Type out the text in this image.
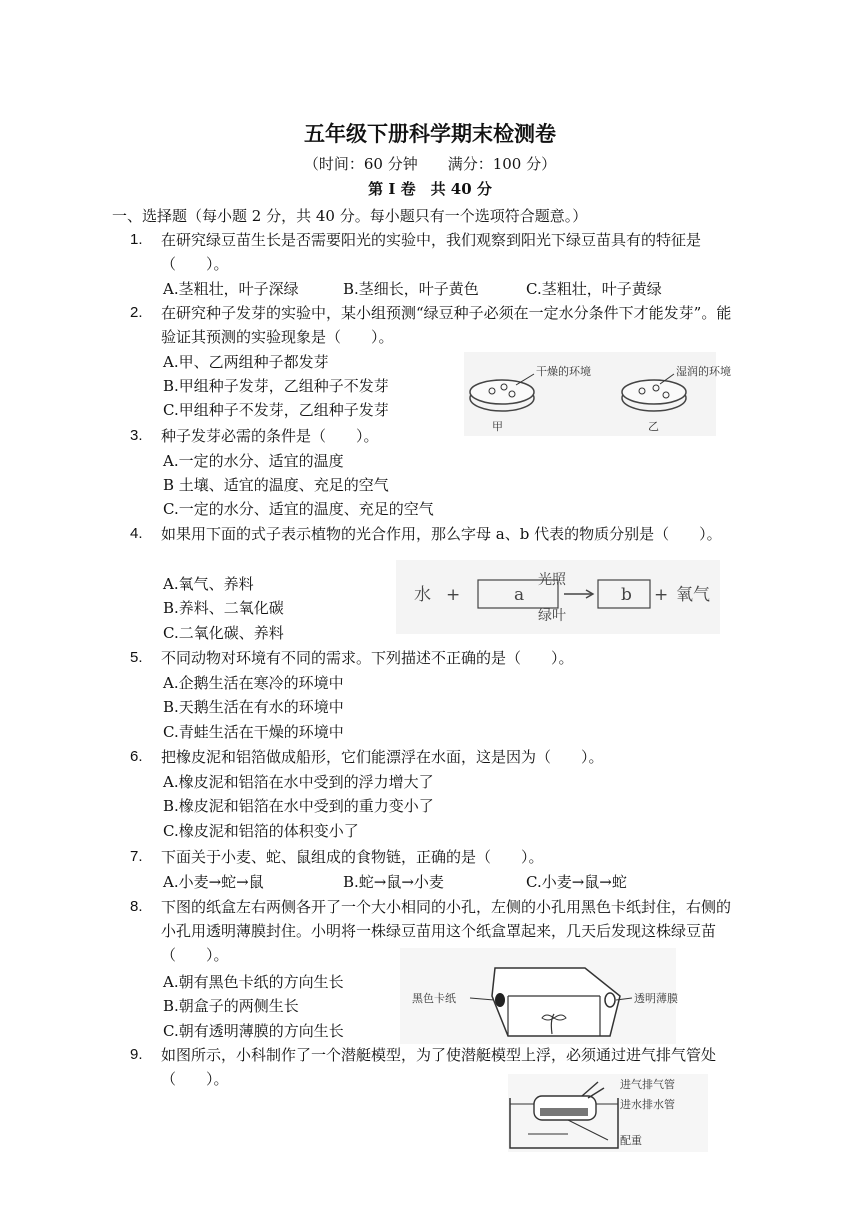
五年级下册科学期末检测卷
（时间：60 分钟　　满分：100 分）
第 I 卷　共 40 分
一、选择题（每小题 2 分，共 40 分。每小题只有一个选项符合题意。）
1.	在研究绿豆苗生长是否需要阳光的实验中，我们观察到阳光下绿豆苗具有的特征是（　　）。
A.茎粗壮，叶子深绿	B.茎细长，叶子黄色	C.茎粗壮，叶子黄绿
2.	在研究种子发芽的实验中，某小组预测“绿豆种子必须在一定水分条件下才能发芽”。能验证其预测的实验现象是（　　）。
A.甲、乙两组种子都发芽
B.甲组种子发芽，乙组种子不发芽
C.甲组种子不发芽，乙组种子发芽
干燥的环境	湿润的环境
甲	乙
3.	种子发芽必需的条件是（　　）。
A.一定的水分、适宜的温度
B 土壤、适宜的温度、充足的空气
C.一定的水分、适宜的温度、充足的空气
4.	如果用下面的式子表示植物的光合作用，那么字母 a、b 代表的物质分别是（　　）。
A.氧气、养料
B.养料、二氧化碳
C.二氧化碳、养料
水 +	a	b + 氧气
光照
绿叶
5.	不同动物对环境有不同的需求。下列描述不正确的是（　　）。
A.企鹅生活在寒冷的环境中
B.天鹅生活在有水的环境中
C.青蛙生活在干燥的环境中
6.	把橡皮泥和铝箔做成船形，它们能漂浮在水面，这是因为（　　）。
A.橡皮泥和铝箔在水中受到的浮力增大了
B.橡皮泥和铝箔在水中受到的重力变小了
C.橡皮泥和铝箔的体积变小了
7.	下面关于小麦、蛇、鼠组成的食物链，正确的是（　　）。
A.小麦→蛇→鼠	B.蛇→鼠→小麦	C.小麦→鼠→蛇
8.	下图的纸盒左右两侧各开了一个大小相同的小孔，左侧的小孔用黑色卡纸封住，右侧的小孔用透明薄膜封住。小明将一株绿豆苗用这个纸盒罩起来，几天后发现这株绿豆苗（　　）。
A.朝有黑色卡纸的方向生长
B.朝盒子的两侧生长
C.朝有透明薄膜的方向生长
黑色卡纸	透明薄膜
9.	如图所示，小科制作了一个潜艇模型，为了使潜艇模型上浮，必须通过进气排气管处（　　）。	进气排气管
进水排水管
配重
